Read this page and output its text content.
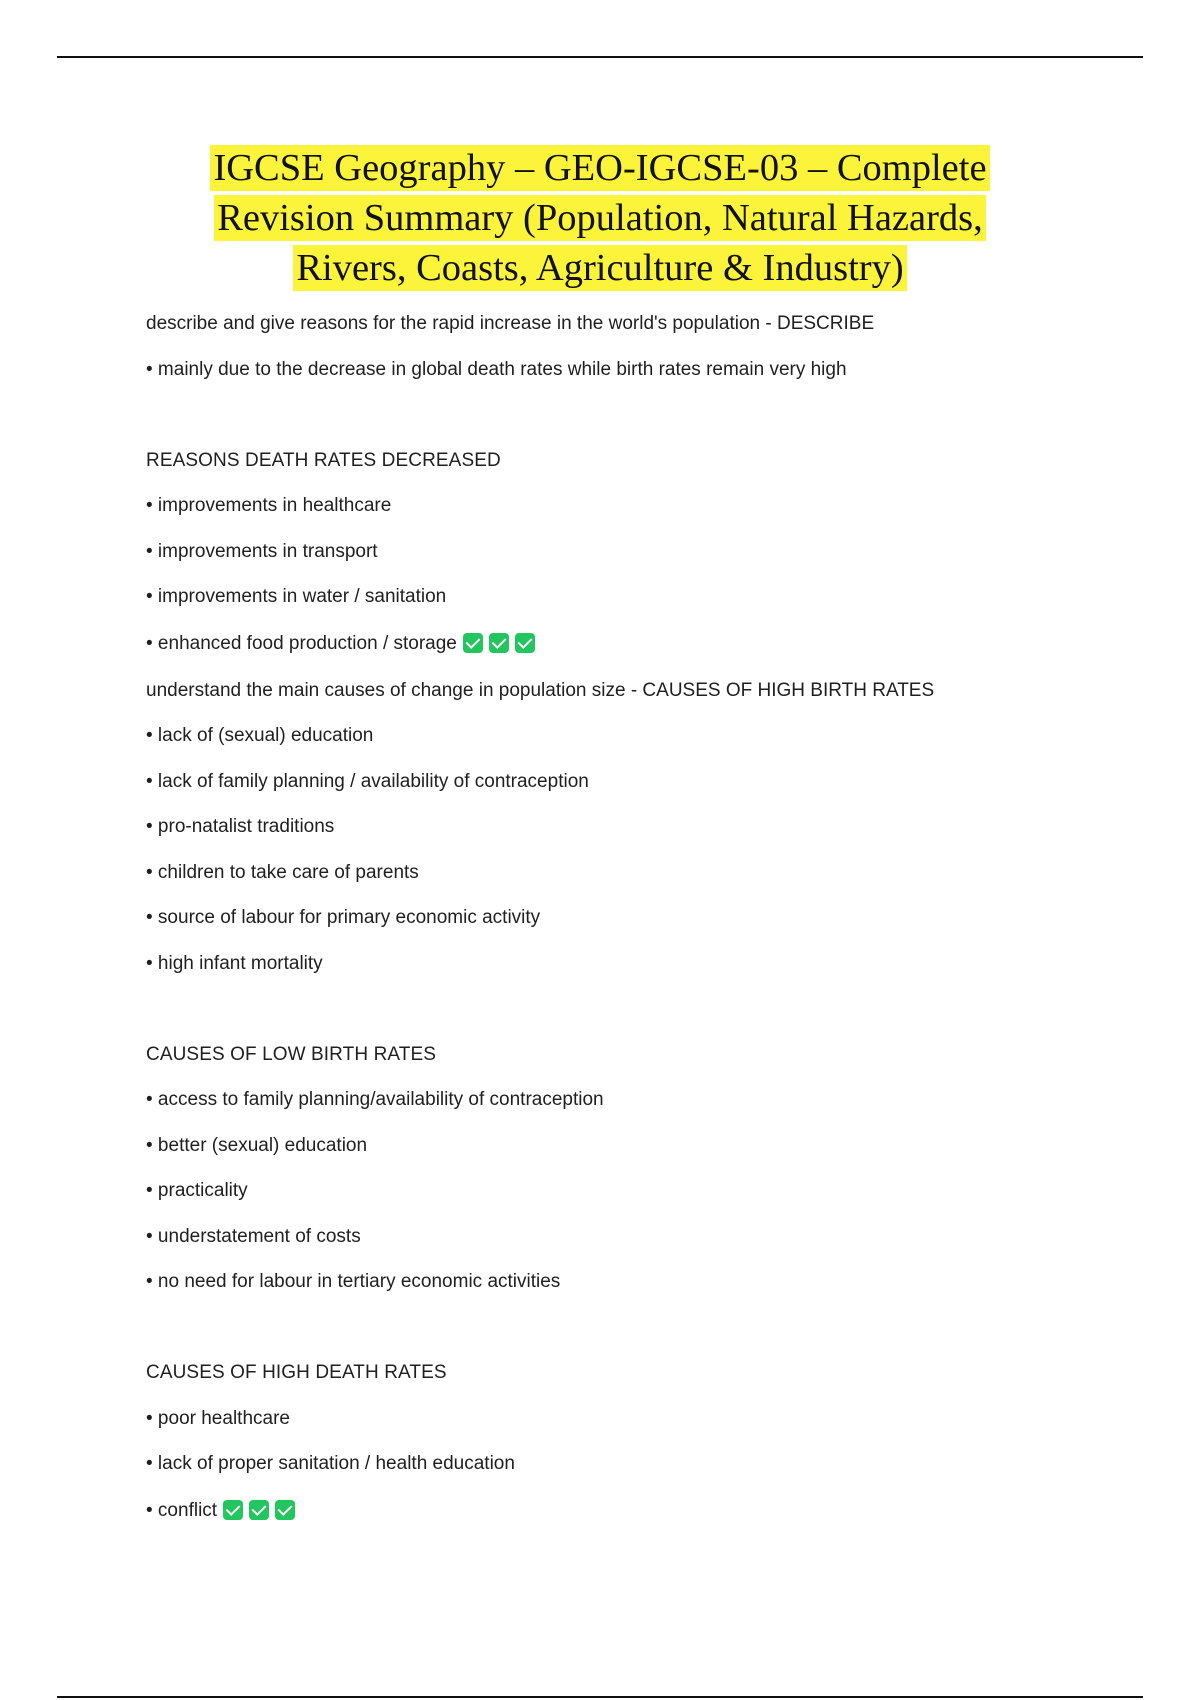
IGCSE Geography – GEO-IGCSE-03 – Complete
Revision Summary (Population, Natural Hazards,
Rivers, Coasts, Agriculture & Industry)
describe and give reasons for the rapid increase in the world's population - DESCRIBE
• mainly due to the decrease in global death rates while birth rates remain very high
REASONS DEATH RATES DECREASED
• improvements in healthcare
• improvements in transport
• improvements in water / sanitation
• enhanced food production / storage
understand the main causes of change in population size - CAUSES OF HIGH BIRTH RATES
• lack of (sexual) education
• lack of family planning / availability of contraception
• pro-natalist traditions
• children to take care of parents
• source of labour for primary economic activity
• high infant mortality
CAUSES OF LOW BIRTH RATES
• access to family planning/availability of contraception
• better (sexual) education
• practicality
• understatement of costs
• no need for labour in tertiary economic activities
CAUSES OF HIGH DEATH RATES
• poor healthcare
• lack of proper sanitation / health education
• conflict
